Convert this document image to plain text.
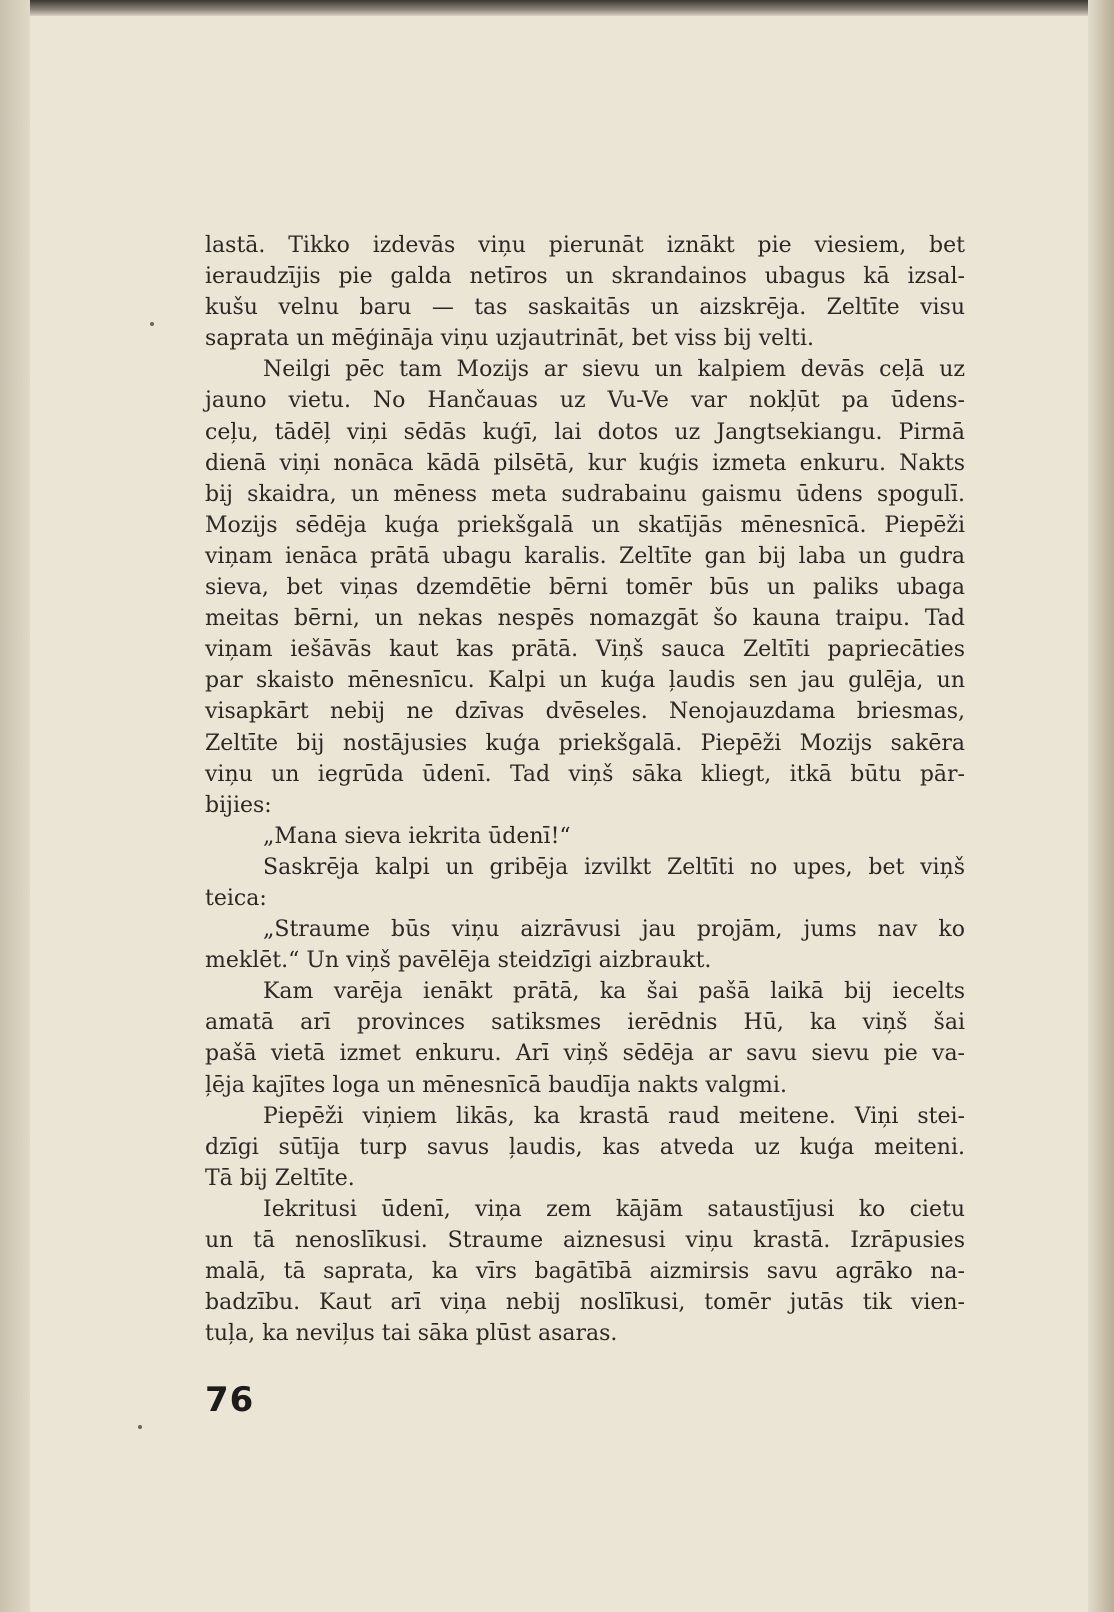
lastā. Tikko izdevās viņu pierunāt iznākt pie viesiem, bet
ieraudzījis pie galda netīros un skrandainos ubagus kā izsal-
kušu velnu baru — tas saskaitās un aizskrēja. Zeltīte visu
saprata un mēģināja viņu uzjautrināt, bet viss bij velti.
Neilgi pēc tam Mozijs ar sievu un kalpiem devās ceļā uz
jauno vietu. No Hančauas uz Vu-Ve var nokļūt pa ūdens-
ceļu, tādēļ viņi sēdās kuģī, lai dotos uz Jangtsekiangu. Pirmā
dienā viņi nonāca kādā pilsētā, kur kuģis izmeta enkuru. Nakts
bij skaidra, un mēness meta sudrabainu gaismu ūdens spogulī.
Mozijs sēdēja kuģa priekšgalā un skatījās mēnesnīcā. Piepēži
viņam ienāca prātā ubagu karalis. Zeltīte gan bij laba un gudra
sieva, bet viņas dzemdētie bērni tomēr būs un paliks ubaga
meitas bērni, un nekas nespēs nomazgāt šo kauna traipu. Tad
viņam iešāvās kaut kas prātā. Viņš sauca Zeltīti papriecāties
par skaisto mēnesnīcu. Kalpi un kuģa ļaudis sen jau gulēja, un
visapkārt nebij ne dzīvas dvēseles. Nenojauzdama briesmas,
Zeltīte bij nostājusies kuģa priekšgalā. Piepēži Mozijs sakēra
viņu un iegrūda ūdenī. Tad viņš sāka kliegt, itkā būtu pār-
bijies:
„Mana sieva iekrita ūdenī!“
Saskrēja kalpi un gribēja izvilkt Zeltīti no upes, bet viņš
teica:
„Straume būs viņu aizrāvusi jau projām, jums nav ko
meklēt.“ Un viņš pavēlēja steidzīgi aizbraukt.
Kam varēja ienākt prātā, ka šai pašā laikā bij iecelts
amatā arī provinces satiksmes ierēdnis Hū, ka viņš šai
pašā vietā izmet enkuru. Arī viņš sēdēja ar savu sievu pie va-
ļēja kajītes loga un mēnesnīcā baudīja nakts valgmi.
Piepēži viņiem likās, ka krastā raud meitene. Viņi stei-
dzīgi sūtīja turp savus ļaudis, kas atveda uz kuģa meiteni.
Tā bij Zeltīte.
Iekritusi ūdenī, viņa zem kājām sataustījusi ko cietu
un tā nenoslīkusi. Straume aiznesusi viņu krastā. Izrāpusies
malā, tā saprata, ka vīrs bagātībā aizmirsis savu agrāko na-
badzību. Kaut arī viņa nebij noslīkusi, tomēr jutās tik vien-
tuļa, ka neviļus tai sāka plūst asaras.
76
